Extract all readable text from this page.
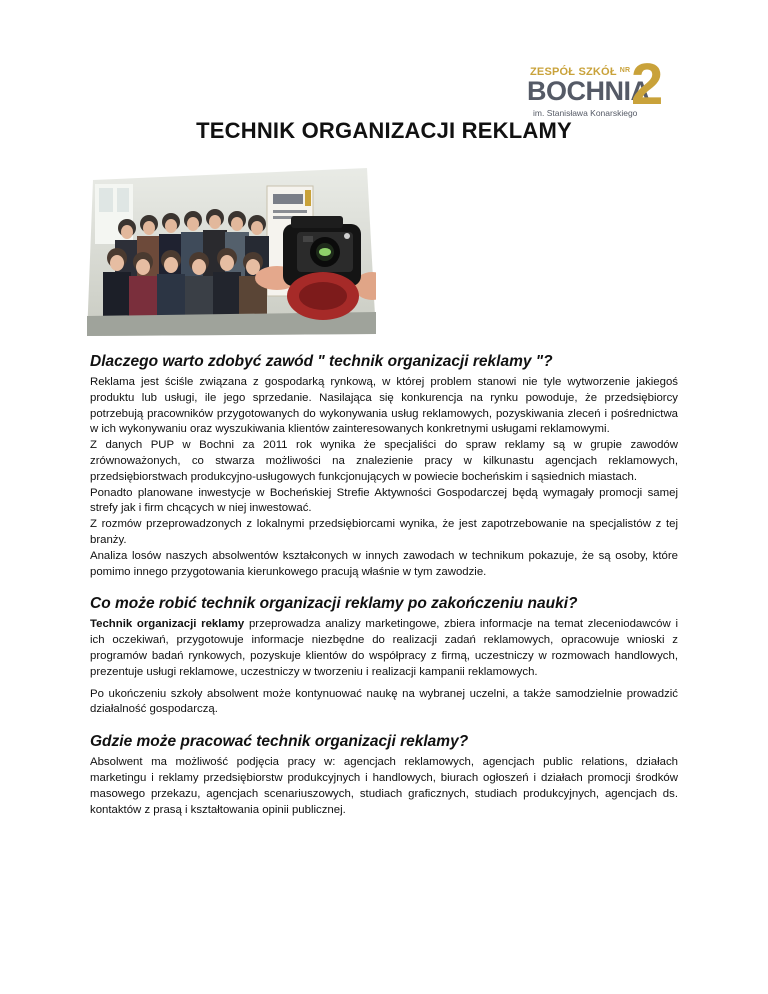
ZESPÓŁ SZKÓŁ $^{NR}$
BOCHNIA
2
im. Stanisława Konarskiego
TECHNIK ORGANIZACJI REKLAMY
Dlaczego warto zdobyć zawód " technik organizacji reklamy "?

Reklama jest ściśle związana z gospodarką rynkową, w której problem stanowi nie tyle wytworzenie jakiegoś produktu lub usługi, ile jego sprzedanie. Nasilająca się konkurencja na rynku powoduje, że przedsiębiorcy potrzebują pracowników przygotowanych do wykonywania usług reklamowych, pozyskiwania zleceń i pośrednictwa w ich wykonywaniu oraz wyszukiwania klientów zainteresowanych konkretnymi usługami reklamowymi.

Z danych PUP w Bochni za 2011 rok wynika że specjaliści do spraw reklamy są w grupie zawodów zrównoważonych, co stwarza możliwości na znalezienie pracy w kilkunastu agencjach reklamowych, przedsiębiorstwach produkcyjno-usługowych funkcjonujących w powiecie bocheńskim i sąsiednich miastach.

Ponadto planowane inwestycje w Bocheńskiej Strefie Aktywności Gospodarczej będą wymagały promocji samej strefy jak i firm chcących w niej inwestować.

Z rozmów przeprowadzonych z lokalnymi przedsiębiorcami wynika, że jest zapotrzebowanie na specjalistów z tej branży.

Analiza losów naszych absolwentów kształconych w innych zawodach w technikum pokazuje, że są osoby, które pomimo innego przygotowania kierunkowego pracują właśnie w tym zawodzie.

Co może robić technik organizacji reklamy po zakończeniu nauki?

Technik organizacji reklamy przeprowadza analizy marketingowe, zbiera informacje na temat zleceniodawców i ich oczekiwań, przygotowuje informacje niezbędne do realizacji zadań reklamowych, opracowuje wnioski z programów badań rynkowych, pozyskuje klientów do współpracy z firmą, uczestniczy w rozmowach handlowych, prezentuje usługi reklamowe, uczestniczy w tworzeniu i realizacji kampanii reklamowych.

Po ukończeniu szkoły absolwent może kontynuować naukę na wybranej uczelni, a także samodzielnie prowadzić działalność gospodarczą.

Gdzie może pracować technik organizacji reklamy?

Absolwent ma możliwość podjęcia pracy w: agencjach reklamowych, agencjach public relations, działach marketingu i reklamy przedsiębiorstw produkcyjnych i handlowych, biurach ogłoszeń i działach promocji środków masowego przekazu, agencjach scenariuszowych, studiach graficznych, studiach produkcyjnych, agencjach ds. kontaktów z prasą i kształtowania opinii publicznej.
